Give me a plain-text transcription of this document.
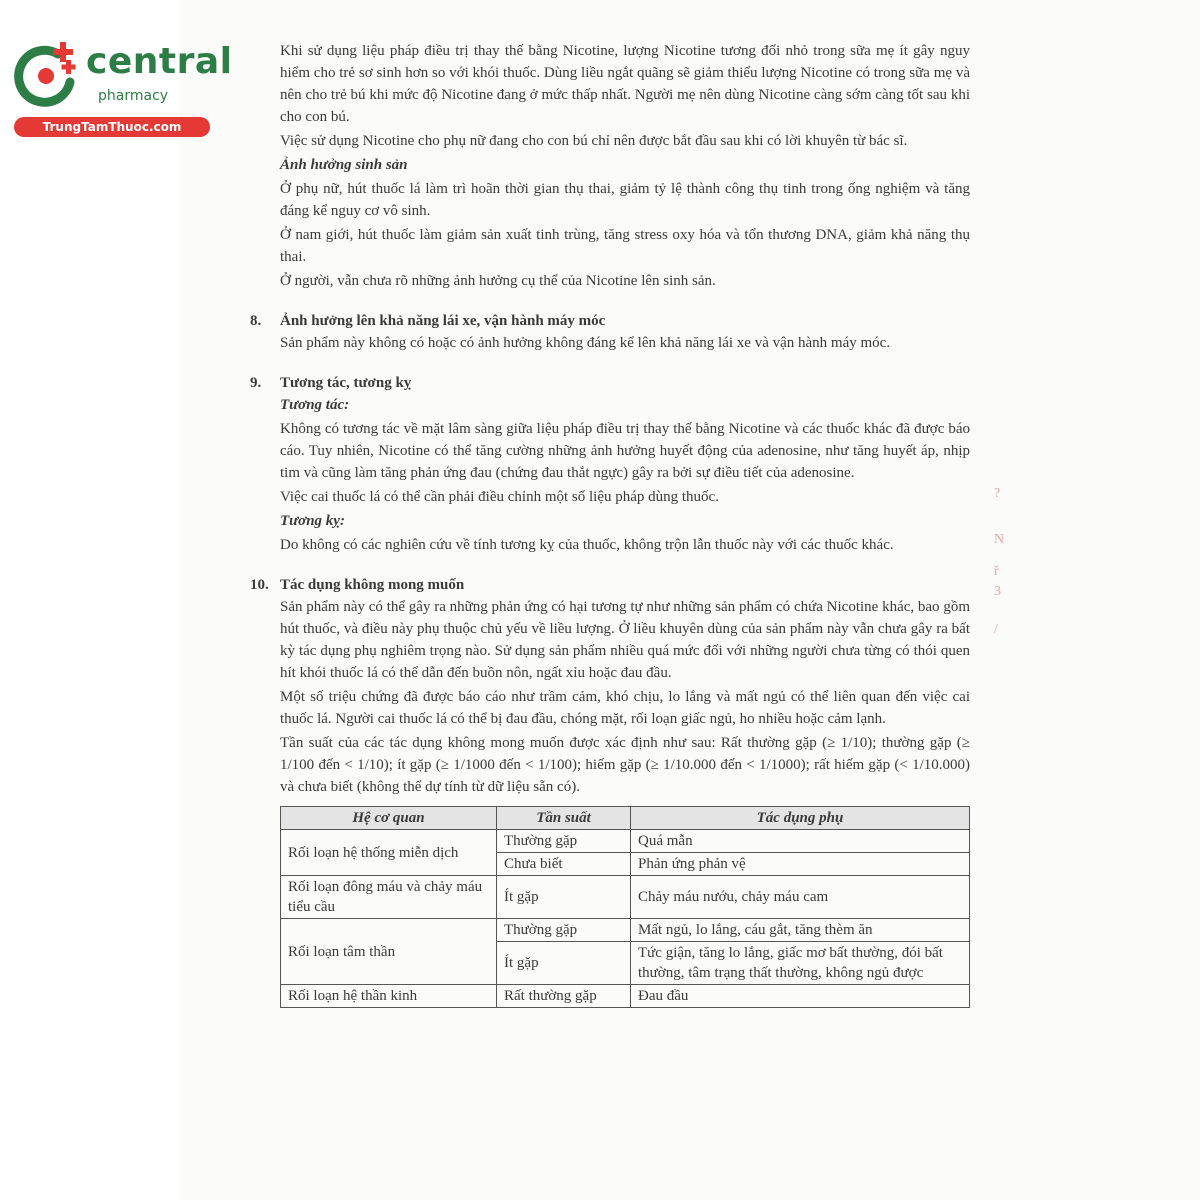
central
pharmacy
TrungTamThuoc.com
?
N
ř
3
/

Khi sử dụng liệu pháp điều trị thay thế bằng Nicotine, lượng Nicotine tương đối nhỏ trong sữa mẹ ít gây nguy hiểm cho trẻ sơ sinh hơn so với khói thuốc. Dùng liều ngắt quãng sẽ giảm thiểu lượng Nicotine có trong sữa mẹ và nên cho trẻ bú khi mức độ Nicotine đang ở mức thấp nhất. Người mẹ nên dùng Nicotine càng sớm càng tốt sau khi cho con bú.

Việc sử dụng Nicotine cho phụ nữ đang cho con bú chỉ nên được bắt đầu sau khi có lời khuyên từ bác sĩ.

Ảnh hưởng sinh sản

Ở phụ nữ, hút thuốc lá làm trì hoãn thời gian thụ thai, giảm tỷ lệ thành công thụ tinh trong ống nghiệm và tăng đáng kể nguy cơ vô sinh.

Ở nam giới, hút thuốc làm giảm sản xuất tinh trùng, tăng stress oxy hóa và tổn thương DNA, giảm khả năng thụ thai.

Ở người, vẫn chưa rõ những ảnh hưởng cụ thể của Nicotine lên sinh sản.

8.	Ảnh hưởng lên khả năng lái xe, vận hành máy móc

Sản phẩm này không có hoặc có ảnh hưởng không đáng kể lên khả năng lái xe và vận hành máy móc.

9.	Tương tác, tương kỵ

Tương tác:

Không có tương tác về mặt lâm sàng giữa liệu pháp điều trị thay thế bằng Nicotine và các thuốc khác đã được báo cáo. Tuy nhiên, Nicotine có thể tăng cường những ảnh hưởng huyết động của adenosine, như tăng huyết áp, nhịp tim và cũng làm tăng phản ứng đau (chứng đau thắt ngực) gây ra bởi sự điều tiết của adenosine.

Việc cai thuốc lá có thể cần phải điều chỉnh một số liệu pháp dùng thuốc.

Tương kỵ:

Do không có các nghiên cứu về tính tương kỵ của thuốc, không trộn lẫn thuốc này với các thuốc khác.

10. Tác dụng không mong muốn

Sản phẩm này có thể gây ra những phản ứng có hại tương tự như những sản phẩm có chứa Nicotine khác, bao gồm hút thuốc, và điều này phụ thuộc chủ yếu về liều lượng. Ở liều khuyên dùng của sản phẩm này vẫn chưa gây ra bất kỳ tác dụng phụ nghiêm trọng nào. Sử dụng sản phẩm nhiều quá mức đối với những người chưa từng có thói quen hít khói thuốc lá có thể dẫn đến buồn nôn, ngất xỉu hoặc đau đầu.

Một số triệu chứng đã được báo cáo như trầm cảm, khó chịu, lo lắng và mất ngủ có thể liên quan đến việc cai thuốc lá. Người cai thuốc lá có thể bị đau đầu, chóng mặt, rối loạn giấc ngủ, ho nhiều hoặc cảm lạnh.

Tần suất của các tác dụng không mong muốn được xác định như sau: Rất thường gặp (≥ 1/10); thường gặp (≥ 1/100 đến < 1/10); ít gặp (≥ 1/1000 đến < 1/100); hiếm gặp (≥ 1/10.000 đến < 1/1000); rất hiếm gặp (< 1/10.000) và chưa biết (không thể dự tính từ dữ liệu sẵn có).

Hệ cơ quan	Tần suất	Tác dụng phụ
Rối loạn hệ thống miễn dịch	Thường gặp	Quá mẫn
	Chưa biết	Phản ứng phản vệ
Rối loạn đông máu và chảy máu tiểu cầu	Ít gặp	Chảy máu nướu, chảy máu cam
Rối loạn tâm thần	Thường gặp	Mất ngủ, lo lắng, cáu gắt, tăng thèm ăn
	Ít gặp	Tức giận, tăng lo lắng, giấc mơ bất thường, đói bất thường, tâm trạng thất thường, không ngủ được
Rối loạn hệ thần kinh	Rất thường gặp	Đau đầu
